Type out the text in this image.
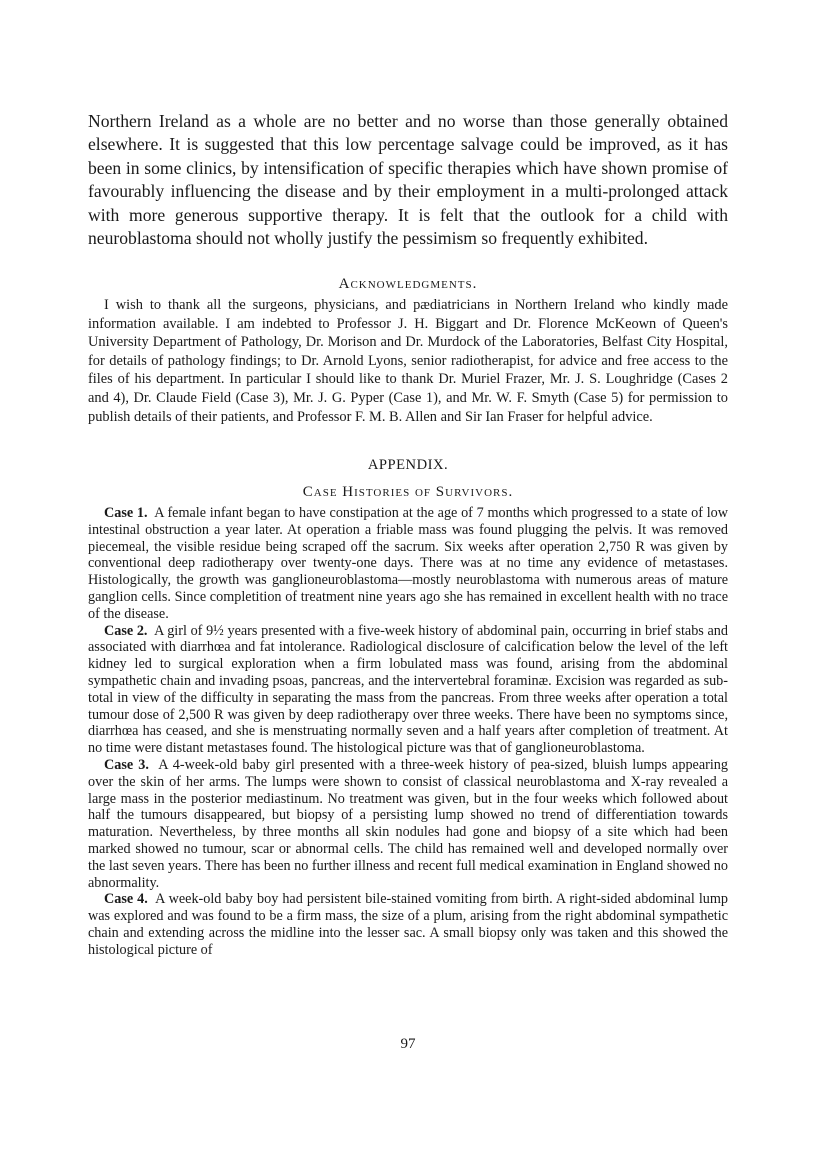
Northern Ireland as a whole are no better and no worse than those generally obtained elsewhere. It is suggested that this low percentage salvage could be improved, as it has been in some clinics, by intensification of specific therapies which have shown promise of favourably influencing the disease and by their employment in a multi-prolonged attack with more generous supportive therapy. It is felt that the outlook for a child with neuroblastoma should not wholly justify the pessimism so frequently exhibited.

Acknowledgments.

I wish to thank all the surgeons, physicians, and pædiatricians in Northern Ireland who kindly made information available. I am indebted to Professor J. H. Biggart and Dr. Florence McKeown of Queen's University Department of Pathology, Dr. Morison and Dr. Murdock of the Laboratories, Belfast City Hospital, for details of pathology findings; to Dr. Arnold Lyons, senior radiotherapist, for advice and free access to the files of his department. In particular I should like to thank Dr. Muriel Frazer, Mr. J. S. Loughridge (Cases 2 and 4), Dr. Claude Field (Case 3), Mr. J. G. Pyper (Case 1), and Mr. W. F. Smyth (Case 5) for permission to publish details of their patients, and Professor F. M. B. Allen and Sir Ian Fraser for helpful advice.

APPENDIX.
Case Histories of Survivors.

Case 1. A female infant began to have constipation at the age of 7 months which progressed to a state of low intestinal obstruction a year later. At operation a friable mass was found plugging the pelvis. It was removed piecemeal, the visible residue being scraped off the sacrum. Six weeks after operation 2,750 R was given by conventional deep radiotherapy over twenty-one days. There was at no time any evidence of metastases. Histologically, the growth was ganglioneuroblastoma—mostly neuroblastoma with numerous areas of mature ganglion cells. Since completition of treatment nine years ago she has remained in excellent health with no trace of the disease.

Case 2. A girl of 9½ years presented with a five-week history of abdominal pain, occurring in brief stabs and associated with diarrhœa and fat intolerance. Radiological disclosure of calcification below the level of the left kidney led to surgical exploration when a firm lobulated mass was found, arising from the abdominal sympathetic chain and invading psoas, pancreas, and the intervertebral foraminæ. Excision was regarded as sub-total in view of the difficulty in separating the mass from the pancreas. From three weeks after operation a total tumour dose of 2,500 R was given by deep radiotherapy over three weeks. There have been no symptoms since, diarrhœa has ceased, and she is menstruating normally seven and a half years after completion of treatment. At no time were distant metastases found. The histological picture was that of ganglioneuroblastoma.

Case 3. A 4-week-old baby girl presented with a three-week history of pea-sized, bluish lumps appearing over the skin of her arms. The lumps were shown to consist of classical neuroblastoma and X-ray revealed a large mass in the posterior mediastinum. No treatment was given, but in the four weeks which followed about half the tumours disappeared, but biopsy of a persisting lump showed no trend of differentiation towards maturation. Nevertheless, by three months all skin nodules had gone and biopsy of a site which had been marked showed no tumour, scar or abnormal cells. The child has remained well and developed normally over the last seven years. There has been no further illness and recent full medical examination in England showed no abnormality.

Case 4. A week-old baby boy had persistent bile-stained vomiting from birth. A right-sided abdominal lump was explored and was found to be a firm mass, the size of a plum, arising from the right abdominal sympathetic chain and extending across the midline into the lesser sac. A small biopsy only was taken and this showed the histological picture of

97
